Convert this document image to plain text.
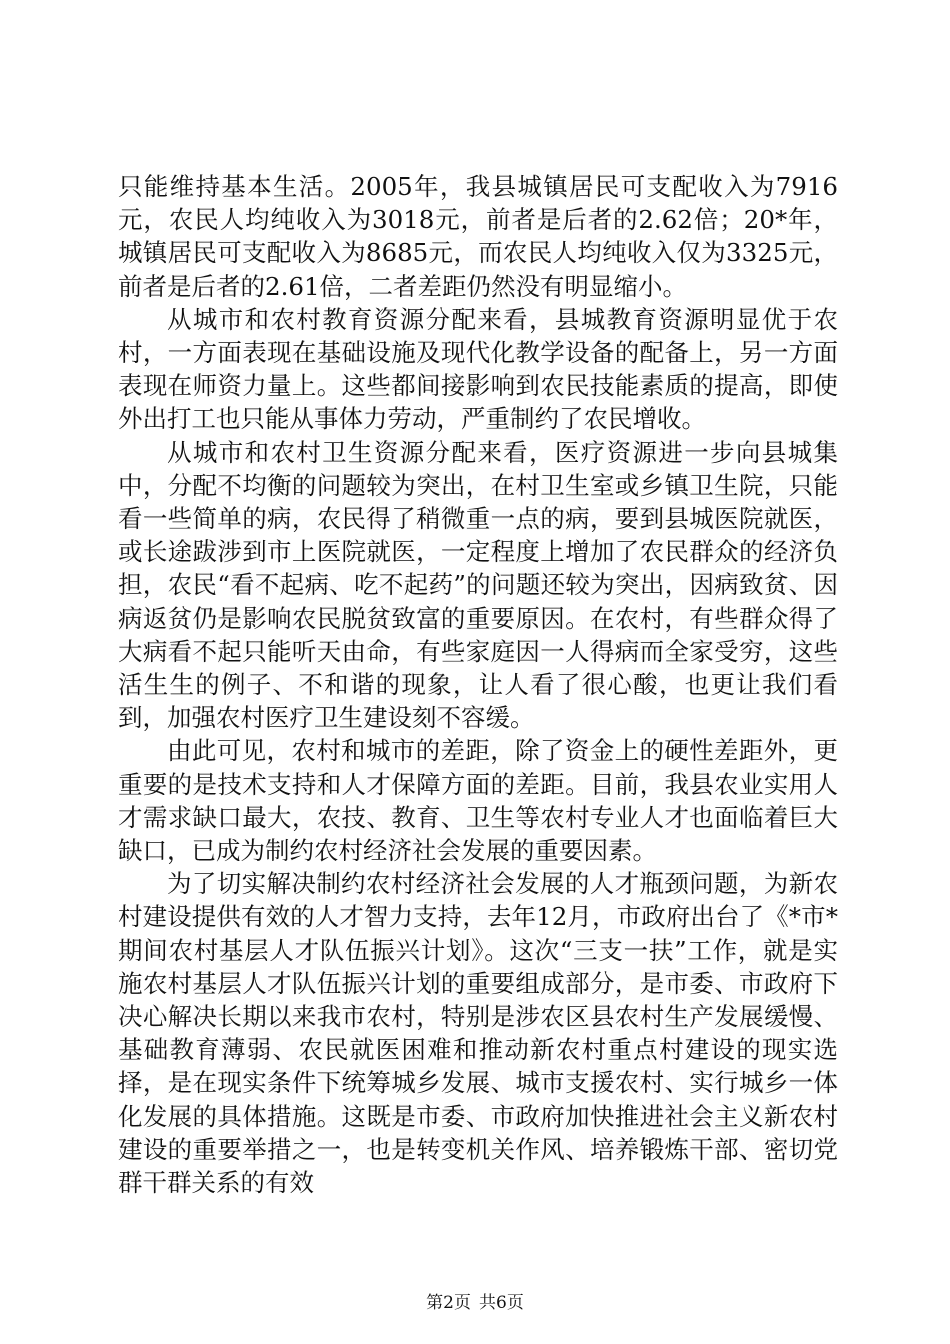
只能维持基本生活。2005年，我县城镇居民可支配收入为7916元，农民人均纯收入为3018元，前者是后者的2.62倍；20*年，城镇居民可支配收入为8685元，而农民人均纯收入仅为3325元，前者是后者的2.61倍，二者差距仍然没有明显缩小。

从城市和农村教育资源分配来看，县城教育资源明显优于农村，一方面表现在基础设施及现代化教学设备的配备上，另一方面表现在师资力量上。这些都间接影响到农民技能素质的提高，即使外出打工也只能从事体力劳动，严重制约了农民增收。

从城市和农村卫生资源分配来看，医疗资源进一步向县城集中，分配不均衡的问题较为突出，在村卫生室或乡镇卫生院，只能看一些简单的病，农民得了稍微重一点的病，要到县城医院就医，或长途跋涉到市上医院就医，一定程度上增加了农民群众的经济负担，农民“看不起病、吃不起药”的问题还较为突出，因病致贫、因病返贫仍是影响农民脱贫致富的重要原因。在农村，有些群众得了大病看不起只能听天由命，有些家庭因一人得病而全家受穷，这些活生生的例子、不和谐的现象，让人看了很心酸，也更让我们看到，加强农村医疗卫生建设刻不容缓。

由此可见，农村和城市的差距，除了资金上的硬性差距外，更重要的是技术支持和人才保障方面的差距。目前，我县农业实用人才需求缺口最大，农技、教育、卫生等农村专业人才也面临着巨大缺口，已成为制约农村经济社会发展的重要因素。

为了切实解决制约农村经济社会发展的人才瓶颈问题，为新农村建设提供有效的人才智力支持，去年12月，市政府出台了《*市*期间农村基层人才队伍振兴计划》。这次“三支一扶”工作，就是实施农村基层人才队伍振兴计划的重要组成部分，是市委、市政府下决心解决长期以来我市农村，特别是涉农区县农村生产发展缓慢、基础教育薄弱、农民就医困难和推动新农村重点村建设的现实选择，是在现实条件下统筹城乡发展、城市支援农村、实行城乡一体化发展的具体措施。这既是市委、市政府加快推进社会主义新农村建设的重要举措之一，也是转变机关作风、培养锻炼干部、密切党群干群关系的有效

第2页 共6页
